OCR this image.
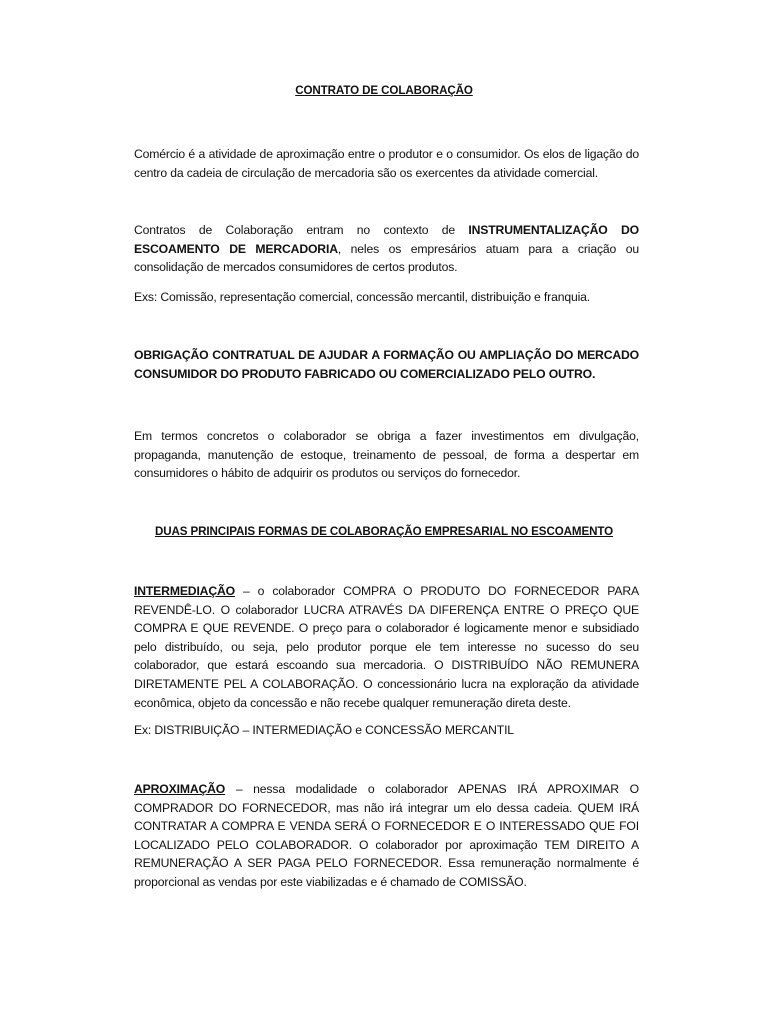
CONTRATO DE COLABORAÇÃO

Comércio é a atividade de aproximação entre o produtor e o consumidor. Os elos de ligação do centro da cadeia de circulação de mercadoria são os exercentes da atividade comercial.

Contratos de Colaboração entram no contexto de INSTRUMENTALIZAÇÃO DO ESCOAMENTO DE MERCADORIA, neles os empresários atuam para a criação ou consolidação de mercados consumidores de certos produtos.

Exs: Comissão, representação comercial, concessão mercantil, distribuição e franquia.

OBRIGAÇÃO CONTRATUAL DE AJUDAR A FORMAÇÃO OU AMPLIAÇÃO DO MERCADO CONSUMIDOR DO PRODUTO FABRICADO OU COMERCIALIZADO PELO OUTRO.

Em termos concretos o colaborador se obriga a fazer investimentos em divulgação, propaganda, manutenção de estoque, treinamento de pessoal, de forma a despertar em consumidores o hábito de adquirir os produtos ou serviços do fornecedor.

DUAS PRINCIPAIS FORMAS DE COLABORAÇÃO EMPRESARIAL NO ESCOAMENTO

INTERMEDIAÇÃO – o colaborador COMPRA O PRODUTO DO FORNECEDOR PARA REVENDÊ-LO. O colaborador LUCRA ATRAVÉS DA DIFERENÇA ENTRE O PREÇO QUE COMPRA E QUE REVENDE. O preço para o colaborador é logicamente menor e subsidiado pelo distribuído, ou seja, pelo produtor porque ele tem interesse no sucesso do seu colaborador, que estará escoando sua mercadoria. O DISTRIBUÍDO NÃO REMUNERA DIRETAMENTE PEL A COLABORAÇÃO. O concessionário lucra na exploração da atividade econômica, objeto da concessão e não recebe qualquer remuneração direta deste.

Ex: DISTRIBUIÇÃO – INTERMEDIAÇÃO e CONCESSÃO MERCANTIL

APROXIMAÇÃO – nessa modalidade o colaborador APENAS IRÁ APROXIMAR O COMPRADOR DO FORNECEDOR, mas não irá integrar um elo dessa cadeia. QUEM IRÁ CONTRATAR A COMPRA E VENDA SERÁ O FORNECEDOR E O INTERESSADO QUE FOI LOCALIZADO PELO COLABORADOR. O colaborador por aproximação TEM DIREITO A REMUNERAÇÃO A SER PAGA PELO FORNECEDOR. Essa remuneração normalmente é proporcional as vendas por este viabilizadas e é chamado de COMISSÃO.
